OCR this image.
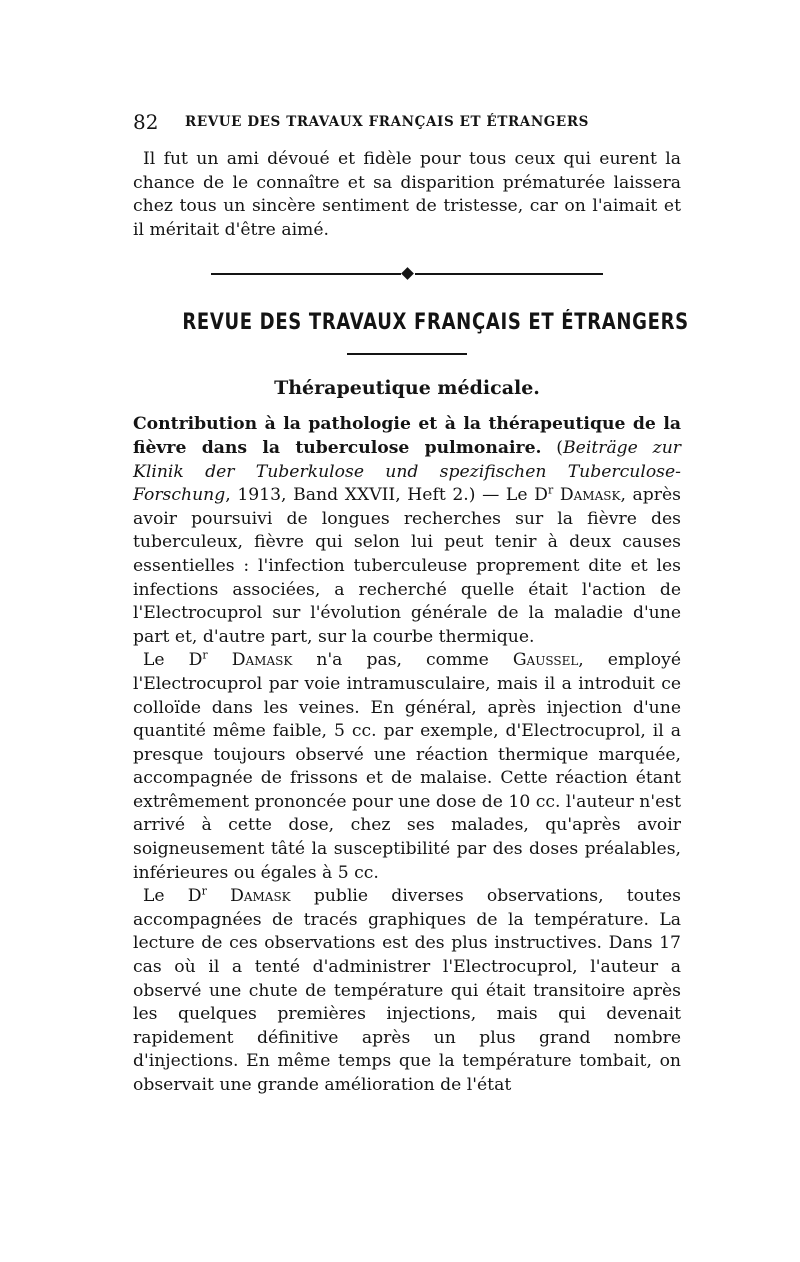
82 REVUE DES TRAVAUX FRANÇAIS ET ÉTRANGERS

Il fut un ami dévoué et fidèle pour tous ceux qui eurent la chance de le connaître et sa disparition prématurée laissera chez tous un sincère sentiment de tristesse, car on l'aimait et il méritait d'être aimé.

REVUE DES TRAVAUX FRANÇAIS ET ÉTRANGERS
Thérapeutique médicale.

Contribution à la pathologie et à la thérapeutique de la fièvre dans la tuberculose pulmonaire. (Beiträge zur Klinik der Tuberkulose und spezifischen Tuberculose-Forschung, 1913, Band XXVII, Heft 2.) — Le $D^r$ Damask, après avoir poursuivi de longues recherches sur la fièvre des tuberculeux, fièvre qui selon lui peut tenir à deux causes essentielles : l'infection tuberculeuse proprement dite et les infections associées, a recherché quelle était l'action de l'Electrocuprol sur l'évolution générale de la maladie d'une part et, d'autre part, sur la courbe thermique.

Le $D^r$ Damask n'a pas, comme Gaussel, employé l'Electrocuprol par voie intramusculaire, mais il a introduit ce colloïde dans les veines. En général, après injection d'une quantité même faible, 5 cc. par exemple, d'Electrocuprol, il a presque toujours observé une réaction thermique marquée, accompagnée de frissons et de malaise. Cette réaction étant extrêmement prononcée pour une dose de 10 cc. l'auteur n'est arrivé à cette dose, chez ses malades, qu'après avoir soigneusement tâté la susceptibilité par des doses préalables, inférieures ou égales à 5 cc.

Le $D^r$ Damask publie diverses observations, toutes accompagnées de tracés graphiques de la température. La lecture de ces observations est des plus instructives. Dans 17 cas où il a tenté d'administrer l'Electrocuprol, l'auteur a observé une chute de température qui était transitoire après les quelques premières injections, mais qui devenait rapidement définitive après un plus grand nombre d'injections. En même temps que la température tombait, on observait une grande amélioration de l'état
